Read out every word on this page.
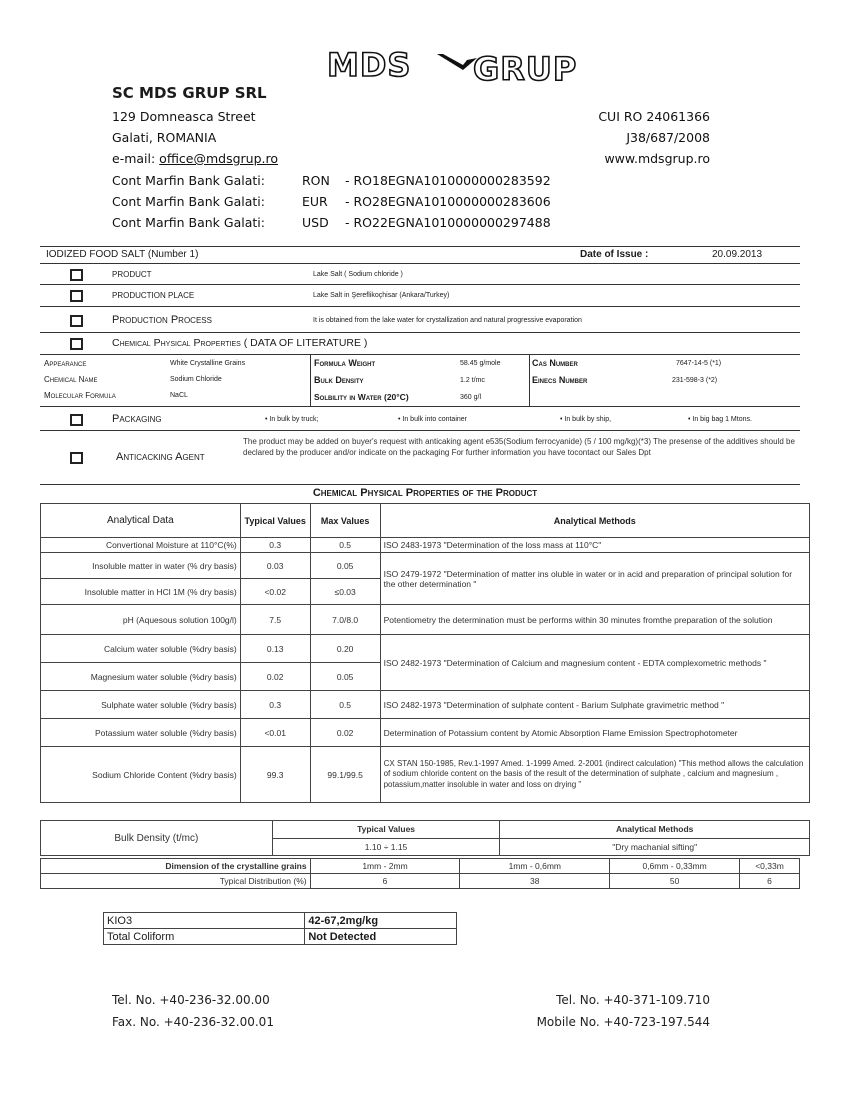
MDS GRUP
SC MDS GRUP SRL
129 Domneasca Street
Galati, ROMANIA
e-mail: office@mdsgrup.ro
CUI RO 24061366
J38/687/2008
www.mdsgrup.ro
Cont Marfin Bank Galati:	RON - RO18EGNA1010000000283592
Cont Marfin Bank Galati:	EUR - RO28EGNA1010000000283606
Cont Marfin Bank Galati:	USD - RO22EGNA1010000000297488
IODIZED FOOD SALT (Number 1)	Date of Issue :	20.09.2013
PRODUCT	Lake Salt ( Sodium chloride )
PRODUCTION PLACE	Lake Salt in Şereflikoçhisar (Ankara/Turkey)
Production Process	It is obtained from the lake water for crystallization and natural progressive evaporation
Chemical Physical Properties ( DATA OF LITERATURE )
Appearance	White Crystalline Grains
Chemical Name	Sodium Chloride
Molecular Formula	NaCL
Formula Weight	58.45 g/mole
Bulk Density	1.2 t/mc
Solbility in Water (20°C)	360 g/l
Cas Number	7647-14-5 (*1)
Einecs Number	231-598-3 (*2)
Packaging	• In bulk by truck;	• In bulk into container	• In bulk by ship,	• In big bag 1 Mtons.
Anticacking Agent
The product may be added on buyer's request with anticaking agent e535(Sodium ferrocyanide) (5 / 100 mg/kg)(*3) The presense of the additives should be declared by the producer and/or indicate on the packaging For further information you have tocontact our Sales Dpt
Chemical Physical Properties of the Product
Analytical Data	Typical Values	Max Values	Analytical Methods
Convertional Moisture at 110°C(%)	0.3	0.5	ISO 2483-1973 "Determination of the loss mass at 110°C"
Insoluble matter in water (% dry basis)	0.03	0.05	ISO 2479-1972 "Determination of matter ins oluble in water or in acid and preparation of principal solution for the other determination "
Insoluble matter in HCl 1M (% dry basis)	<0.02	≤0.03	
pH (Aquesous solution 100g/l)	7.5	7.0/8.0	Potentiometry the determination must be performs within 30 minutes fromthe preparation of the solution
Calcium water soluble (%dry basis)	0.13	0.20	ISO 2482-1973 "Determination of Calcium and magnesium content - EDTA complexometric methods "
Magnesium water soluble (%dry basis)	0.02	0.05	
Sulphate water soluble (%dry basis)	0.3	0.5	ISO 2482-1973 "Determination of sulphate content - Barium Sulphate gravimetric method "
Potassium water soluble (%dry basis)	<0.01	0.02	Determination of Potassium content by Atomic Absorption Flame Emission Spectrophotometer
Sodium Chloride Content (%dry basis)	99.3	99.1/99.5	CX STAN 150-1985, Rev.1-1997 Amed. 1-1999 Amed. 2-2001 (indirect calculation) "This method allows the calculation of sodium chloride content on the basis of the result of the determination of sulphate , calcium and magnesium , potassium,matter insoluble in water and loss on drying "
Bulk Density (t/mc)	Typical Values	Analytical Methods
	1.10 ÷ 1.15	"Dry machanial sifting"
Dimension of the crystalline grains	1mm - 2mm	1mm - 0,6mm	0,6mm - 0,33mm	<0,33m
Typical Distribution (%)	6	38	50	6
KIO3	42-67,2mg/kg
Total Coliform	Not Detected
Tel. No. +40-236-32.00.00
Fax. No. +40-236-32.00.01
Tel. No. +40-371-109.710
Mobile No. +40-723-197.544
